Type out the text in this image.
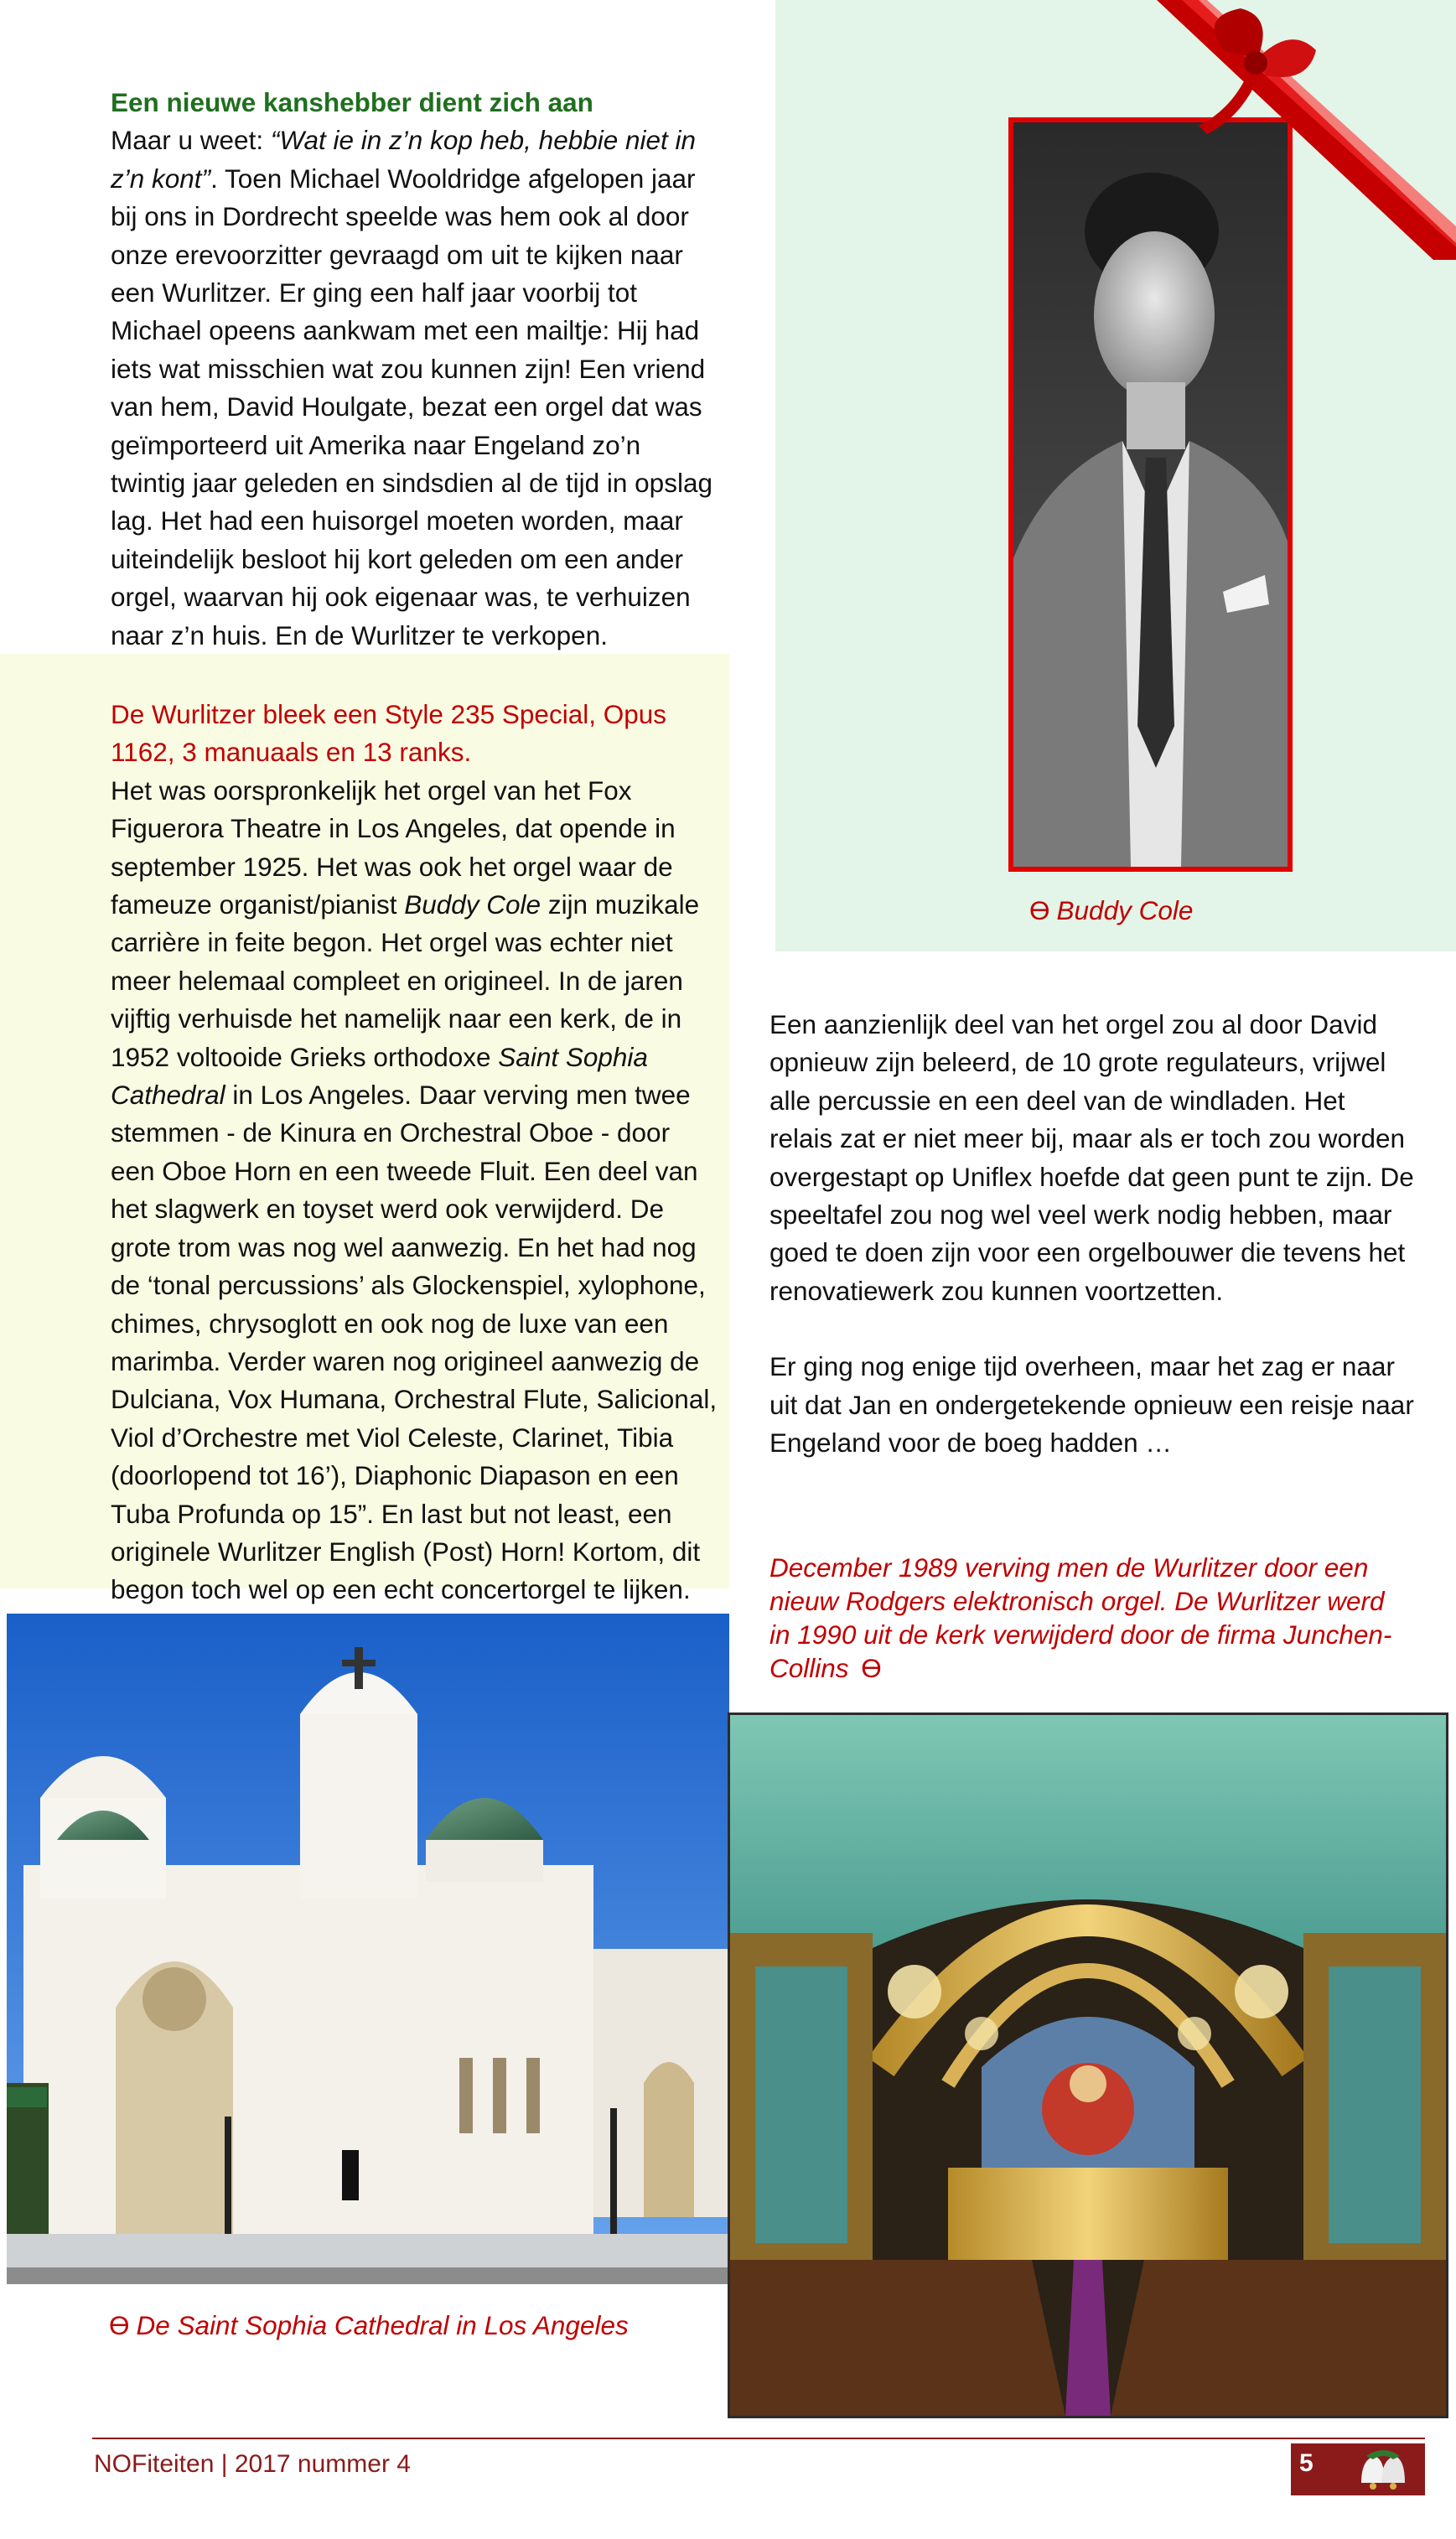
Een nieuwe kanshebber dient zich aan

Maar u weet: “Wat ie in z’n kop heb, hebbie niet in z’n kont”. Toen Michael Wooldridge afgelopen jaar bij ons in Dordrecht speelde was hem ook al door onze erevoorzitter gevraagd om uit te kijken naar een Wurlitzer. Er ging een half jaar voorbij tot Michael opeens aankwam met een mailtje: Hij had iets wat misschien wat zou kunnen zijn! Een vriend van hem, David Houlgate, bezat een orgel dat was geïmporteerd uit Amerika naar Engeland zo’n twintig jaar geleden en sindsdien al de tijd in opslag lag. Het had een huisorgel moeten worden, maar uiteindelijk besloot hij kort geleden om een ander orgel, waarvan hij ook eigenaar was, te verhuizen naar z’n huis. En de Wurlitzer te verkopen.

De Wurlitzer bleek een Style 235 Special, Opus 1162, 3 manuaals en 13 ranks.

Het was oorspronkelijk het orgel van het Fox Figuerora Theatre in Los Angeles, dat opende in september 1925. Het was ook het orgel waar de fameuze organist/pianist Buddy Cole zijn muzikale carrière in feite begon. Het orgel was echter niet meer helemaal compleet en origineel. In de jaren vijftig verhuisde het namelijk naar een kerk, de in 1952 voltooide Grieks orthodoxe Saint Sophia Cathedral in Los Angeles. Daar verving men twee stemmen - de Kinura en Orchestral Oboe - door een Oboe Horn en een tweede Fluit. Een deel van het slagwerk en toyset werd ook verwijderd. De grote trom was nog wel aanwezig. En het had nog de ‘tonal percussions’ als Glockenspiel, xylophone, chimes, chrysoglott en ook nog de luxe van een marimba. Verder waren nog origineel aanwezig de Dulciana, Vox Humana, Orchestral Flute, Salicional, Viol d’Orchestre met Viol Celeste, Clarinet, Tibia (doorlopend tot 16’), Diaphonic Diapason en een Tuba Profunda op 15”. En last but not least, een originele Wurlitzer English (Post) Horn! Kortom, dit begon toch wel op een echt concertorgel te lijken.

Ɵ Buddy Cole

Een aanzienlijk deel van het orgel zou al door David opnieuw zijn beleerd, de 10 grote regulateurs, vrijwel alle percussie en een deel van de windladen. Het relais zat er niet meer bij, maar als er toch zou worden overgestapt op Uniflex hoefde dat geen punt te zijn. De speeltafel zou nog wel veel werk nodig hebben, maar goed te doen zijn voor een orgelbouwer die tevens het renovatiewerk zou kunnen voortzetten.

Er ging nog enige tijd overheen, maar het zag er naar uit dat Jan en ondergetekende opnieuw een reisje naar Engeland voor de boeg hadden …

December 1989 verving men de Wurlitzer door een nieuw Rodgers elektronisch orgel. De Wurlitzer werd in 1990 uit de kerk verwijderd door de firma Junchen-Collins Ɵ
Ɵ De Saint Sophia Cathedral in Los Angeles
NOFiteiten | 2017 nummer 4	5
